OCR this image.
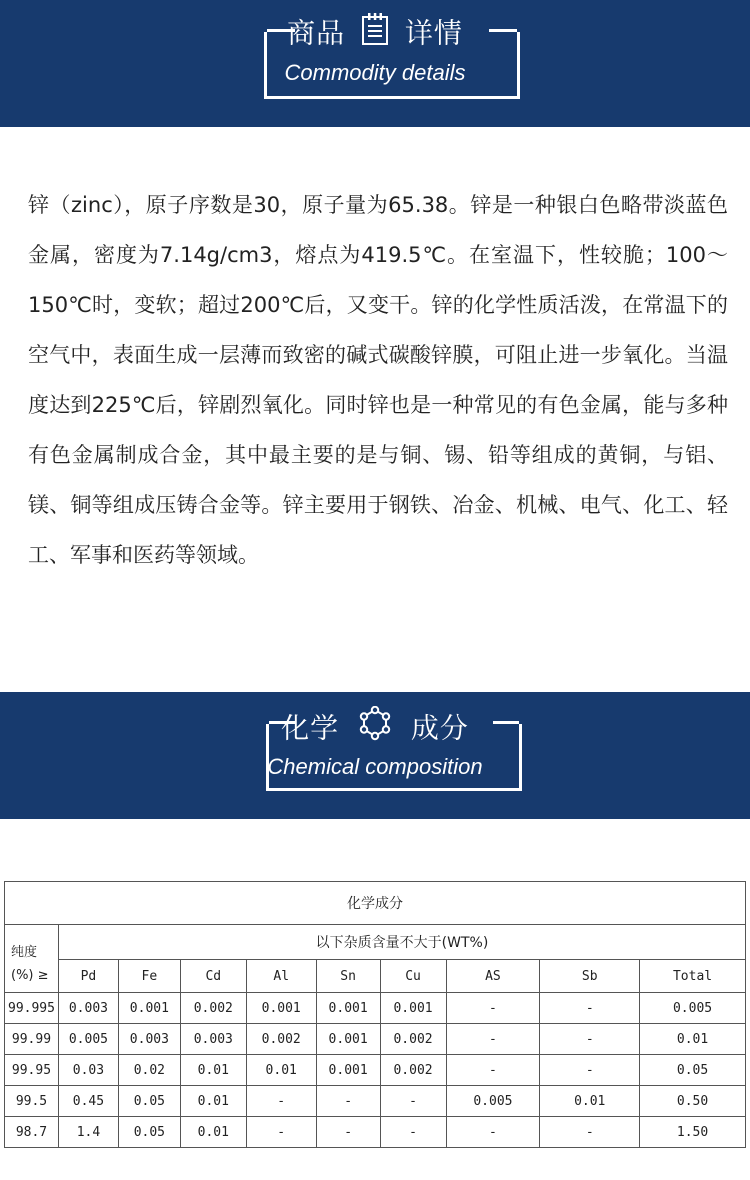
商品 详情
Commodity details

锌（zinc），原子序数是30，原子量为65.38。锌是一种银白色略带淡蓝色金属，密度为7.14g/cm3，熔点为419.5℃。在室温下，性较脆；100～150℃时，变软；超过200℃后，又变干。锌的化学性质活泼，在常温下的空气中，表面生成一层薄而致密的碱式碳酸锌膜，可阻止进一步氧化。当温度达到225℃后，锌剧烈氧化。同时锌也是一种常见的有色金属，能与多种有色金属制成合金，其中最主要的是与铜、锡、铅等组成的黄铜，与铝、镁、铜等组成压铸合金等。锌主要用于钢铁、冶金、机械、电气、化工、轻工、军事和医药等领域。

化学	成分
Chemical composition
化学成分									

纯度
(%) ≥	以下杂质含量不大于(WT%)								
	Pd	Fe	Cd	Al	Sn	Cu	AS	Sb	Total
99.995	0.003	0.001	0.002	0.001	0.001	0.001	-	-	0.005
99.99	0.005	0.003	0.003	0.002	0.001	0.002	-	-	0.01
99.95	0.03	0.02	0.01	0.01	0.001	0.002	-	-	0.05
99.5	0.45	0.05	0.01	-	-	-	0.005	0.01	0.50
98.7	1.4	0.05	0.01	-	-	-	-	-	1.50
